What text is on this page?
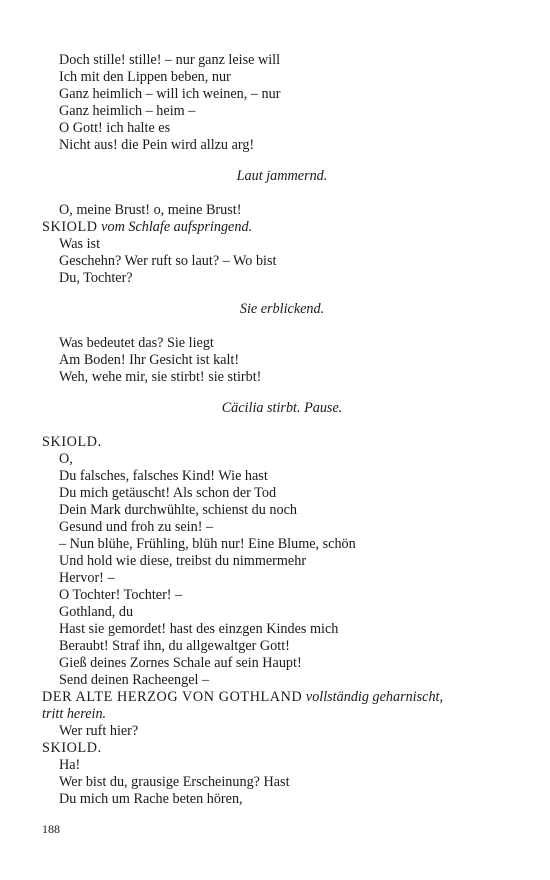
Doch stille! stille! – nur ganz leise will
Ich mit den Lippen beben, nur
Ganz heimlich – will ich weinen, – nur
Ganz heimlich – heim –
O Gott! ich halte es
Nicht aus! die Pein wird allzu arg!
Laut jammernd.
O, meine Brust! o, meine Brust!
SKIOLD vom Schlafe aufspringend.
Was ist
Geschehn? Wer ruft so laut? – Wo bist
Du, Tochter?
Sie erblickend.
Was bedeutet das? Sie liegt
Am Boden! Ihr Gesicht ist kalt!
Weh, wehe mir, sie stirbt! sie stirbt!
Cäcilia stirbt. Pause.
SKIOLD.
O,
Du falsches, falsches Kind! Wie hast
Du mich getäuscht! Als schon der Tod
Dein Mark durchwühlte, schienst du noch
Gesund und froh zu sein! –
– Nun blühe, Frühling, blüh nur! Eine Blume, schön
Und hold wie diese, treibst du nimmermehr
Hervor! –
O Tochter! Tochter! –
Gothland, du
Hast sie gemordet! hast des einzgen Kindes mich
Beraubt! Straf ihn, du allgewaltger Gott!
Gieß deines Zornes Schale auf sein Haupt!
Send deinen Racheengel –
DER ALTE HERZOG VON GOTHLAND vollständig geharnischt,
tritt herein.
Wer ruft hier?
SKIOLD.
Ha!
Wer bist du, grausige Erscheinung? Hast
Du mich um Rache beten hören,
188
